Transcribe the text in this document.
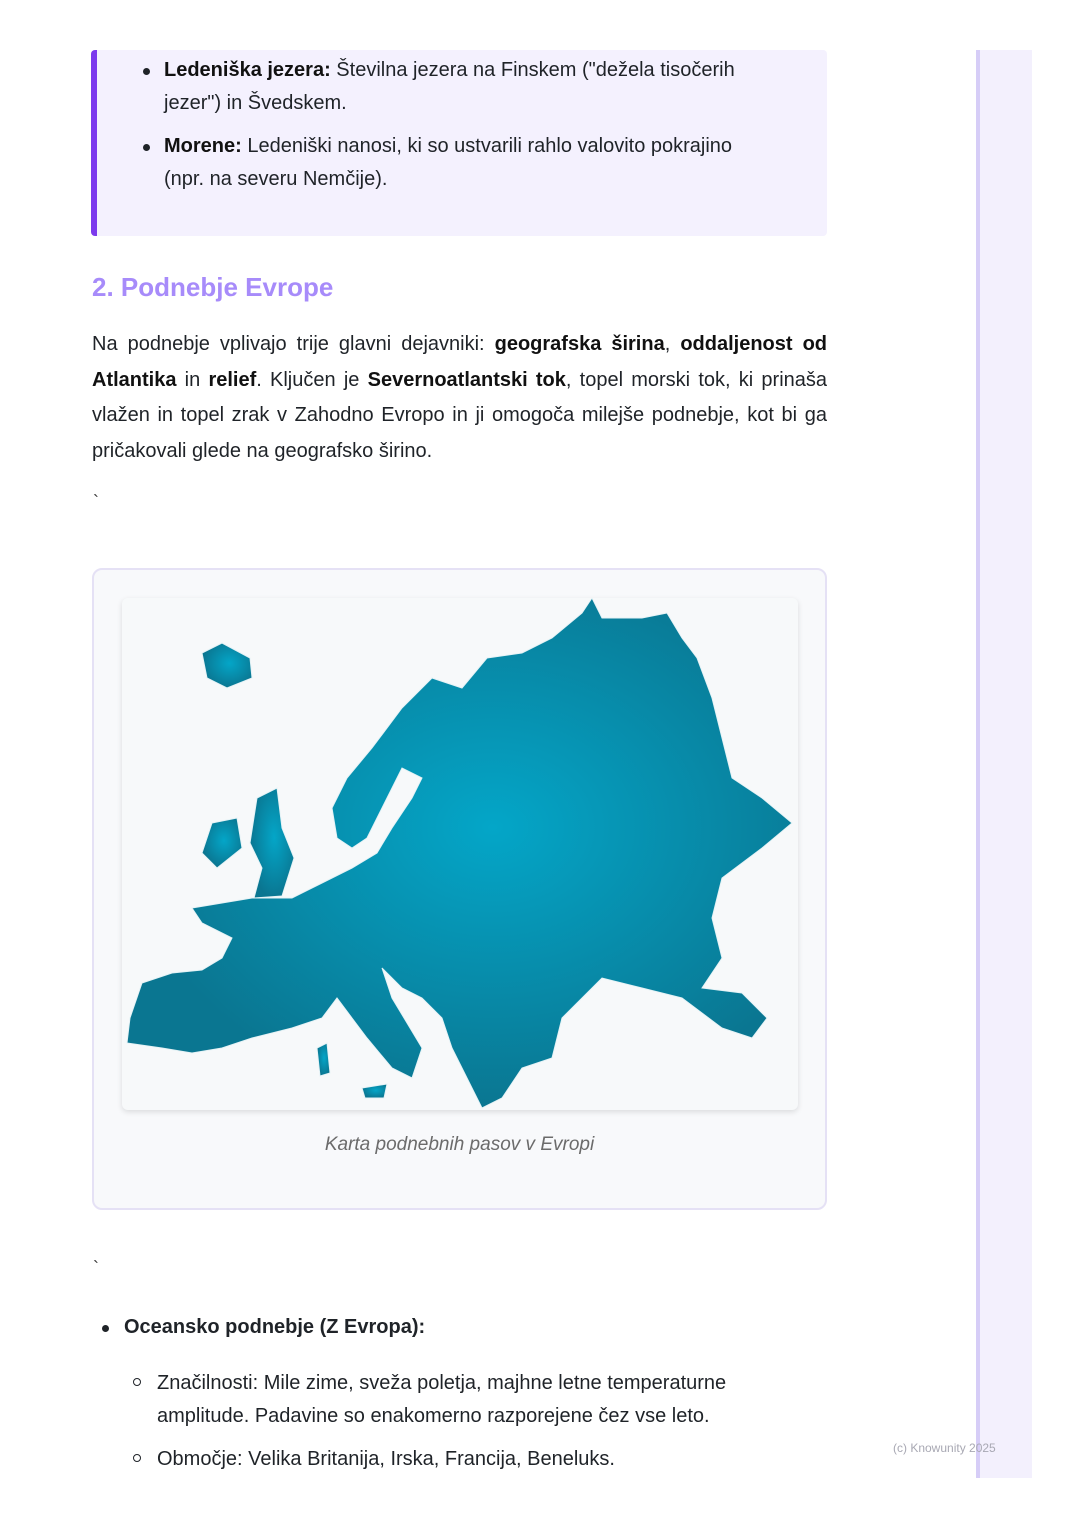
Ledeniška jezera: Številna jezera na Finskem ("dežela tisočerih jezer") in Švedskem.
Morene: Ledeniški nanosi, ki so ustvarili rahlo valovito pokrajino (npr. na severu Nemčije).
2. Podnebje Evrope

Na podnebje vplivajo trije glavni dejavniki: geografska širina, oddaljenost od Atlantika in relief. Ključen je Severnoatlantski tok, topel morski tok, ki prinaša vlažen in topel zrak v Zahodno Evropo in ji omogoča milejše podnebje, kot bi ga pričakovali glede na geografsko širino.

`
Karta podnebnih pasov v Evropi
`
Oceansko podnebje (Z Evropa):
Značilnosti: Mile zime, sveža poletja, majhne letne temperaturne amplitude. Padavine so enakomerno razporejene čez vse leto.
Območje: Velika Britanija, Irska, Francija, Beneluks.	(c) Knowunity 2025
